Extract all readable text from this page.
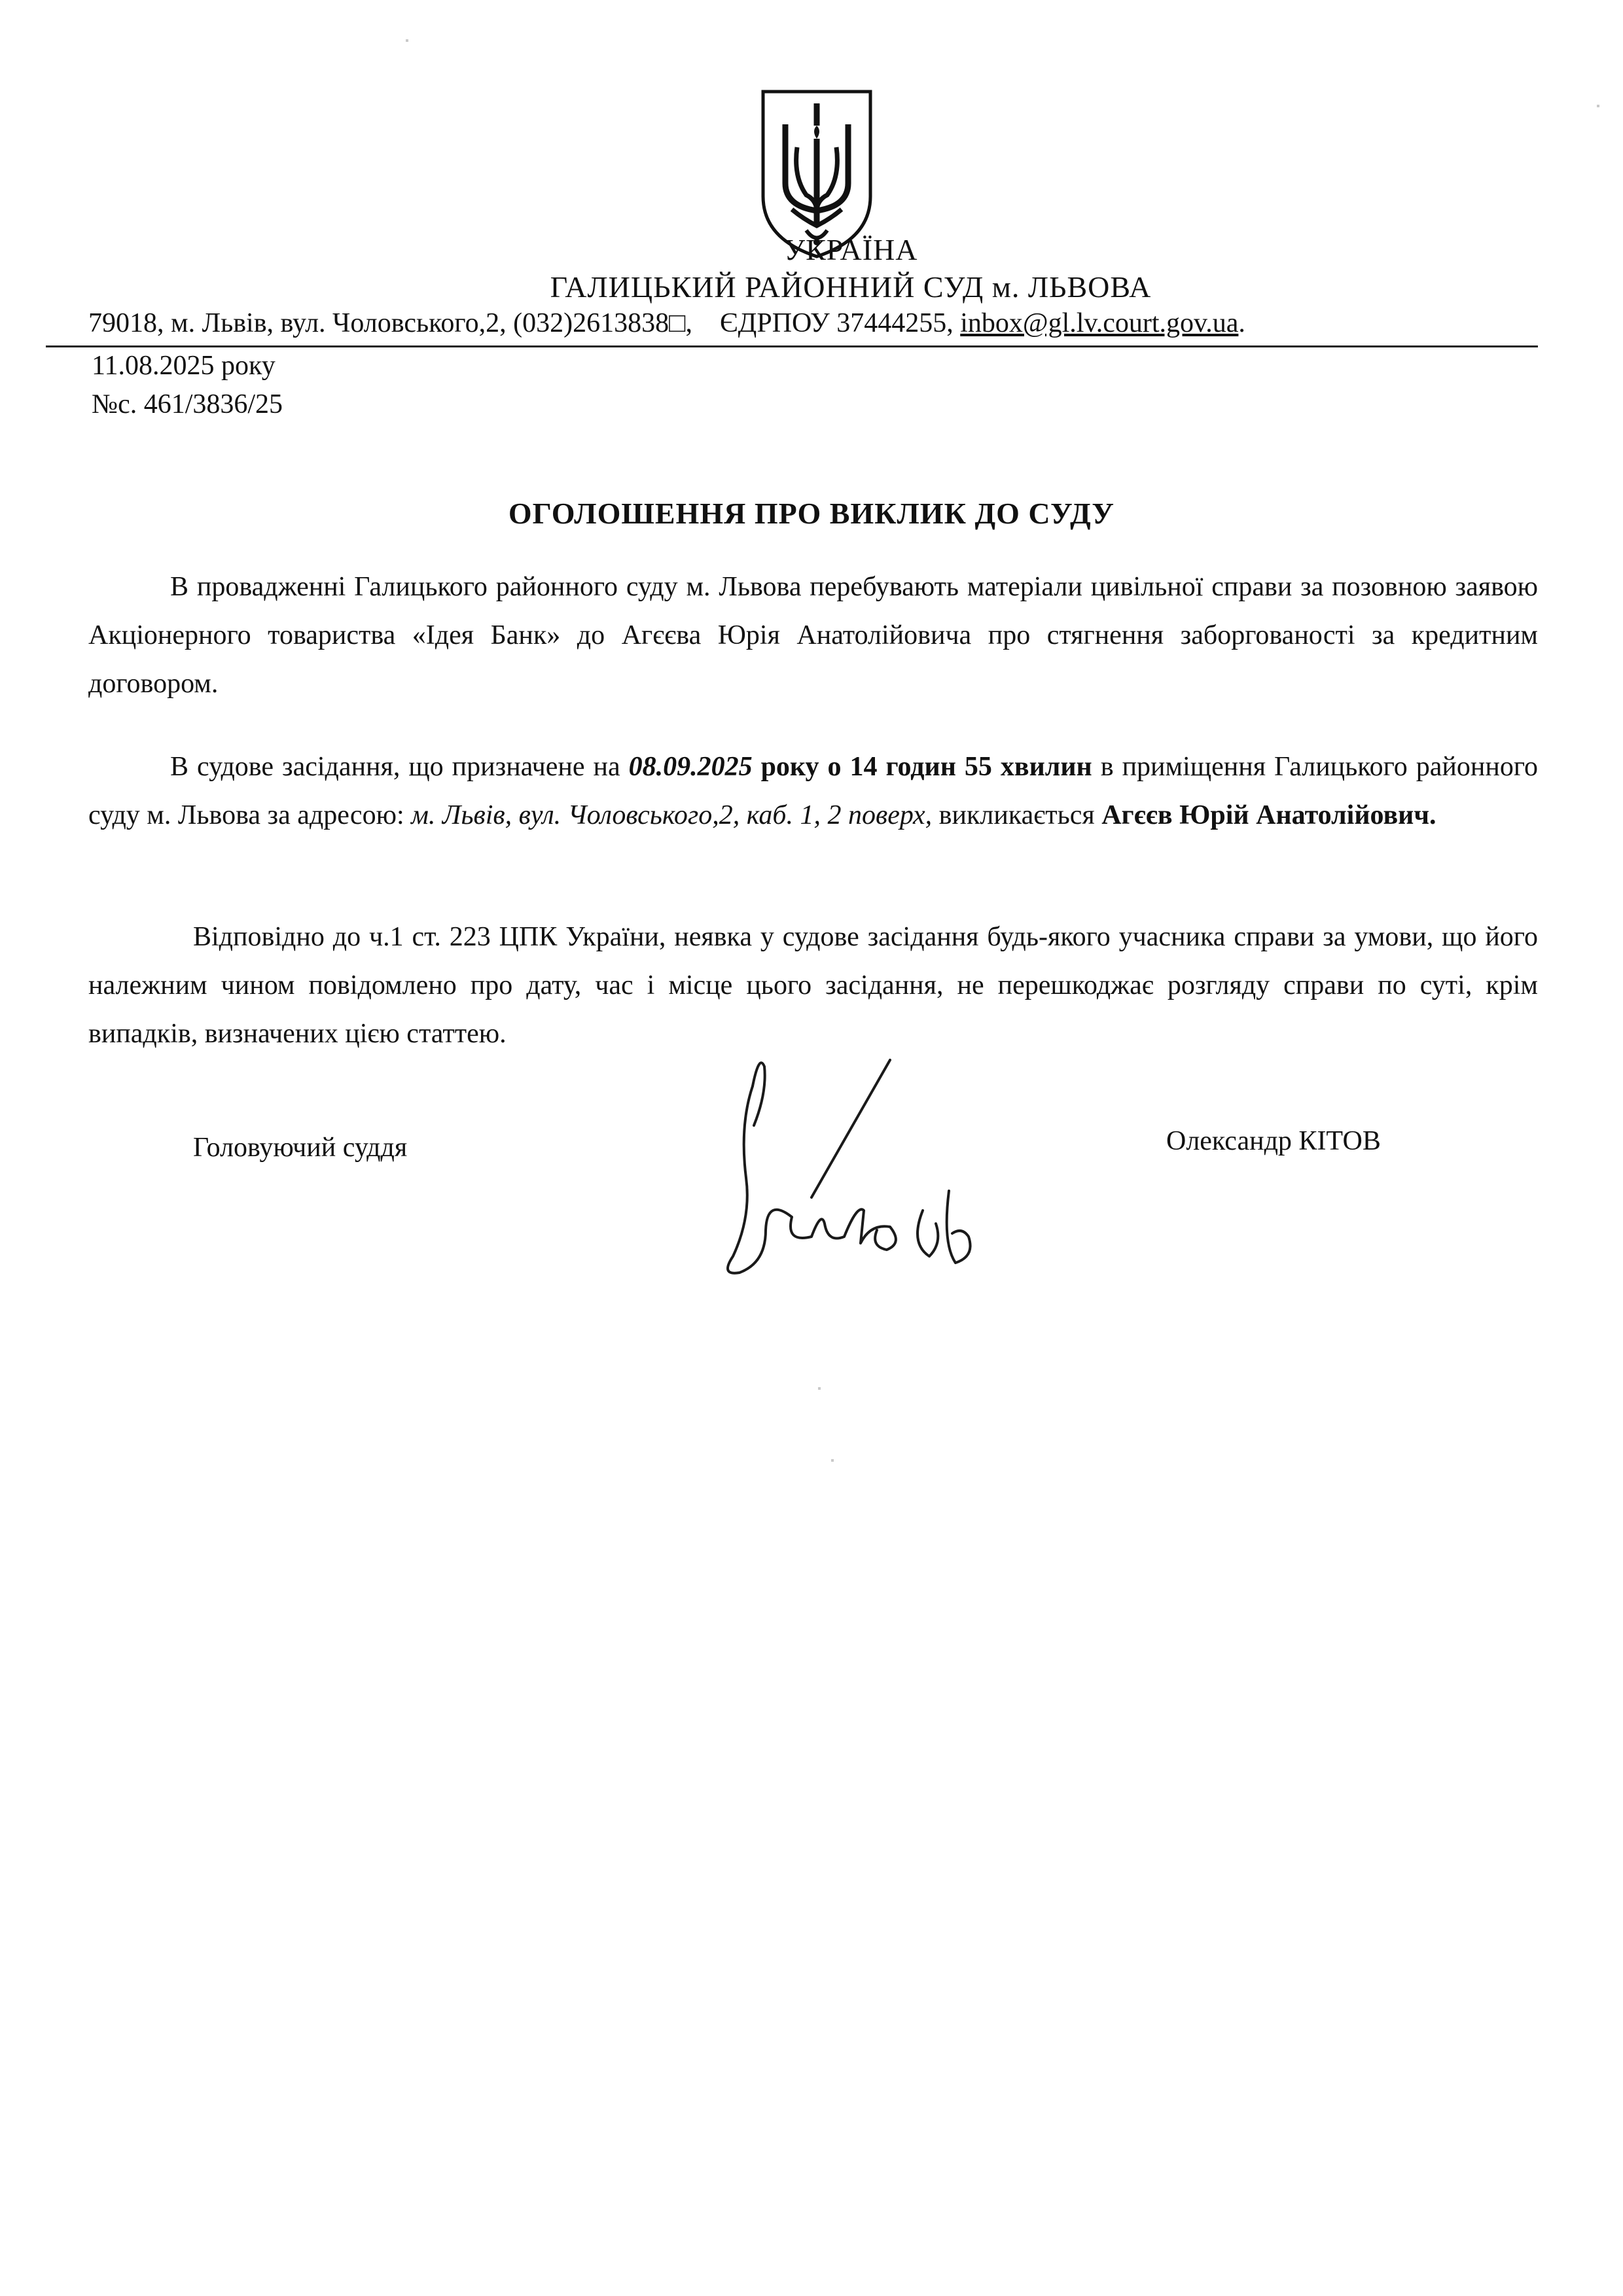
УКРАЇНА
ГАЛИЦЬКИЙ РАЙОННИЙ СУД м. ЛЬВОВА
79018, м. Львів, вул. Чоловського,2, (032)2613838□,    ЄДРПОУ 37444255, inbox@gl.lv.court.gov.ua.
11.08.2025 року
№с. 461/3836/25
ОГОЛОШЕННЯ ПРО ВИКЛИК ДО СУДУ
В провадженні Галицького районного суду м. Львова перебувають матеріали цивільної справи за позовною заявою Акціонерного товариства «Ідея Банк» до Агєєва Юрія Анатолійовича про стягнення заборгованості за кредитним договором.
В судове засідання, що призначене на 08.09.2025 року о 14 годин 55 хвилин в приміщення Галицького районного суду м. Львова за адресою: м. Львів, вул. Чоловського,2, каб. 1, 2 поверх, викликається Агєєв Юрій Анатолійович.
Відповідно до ч.1 ст. 223 ЦПК України, неявка у судове засідання будь-якого учасника справи за умови, що його належним чином повідомлено про дату, час і місце цього засідання, не перешкоджає розгляду справи по суті, крім випадків, визначених цією статтею.
Головуючий суддя
Kitov
Олександр КІТОВ
